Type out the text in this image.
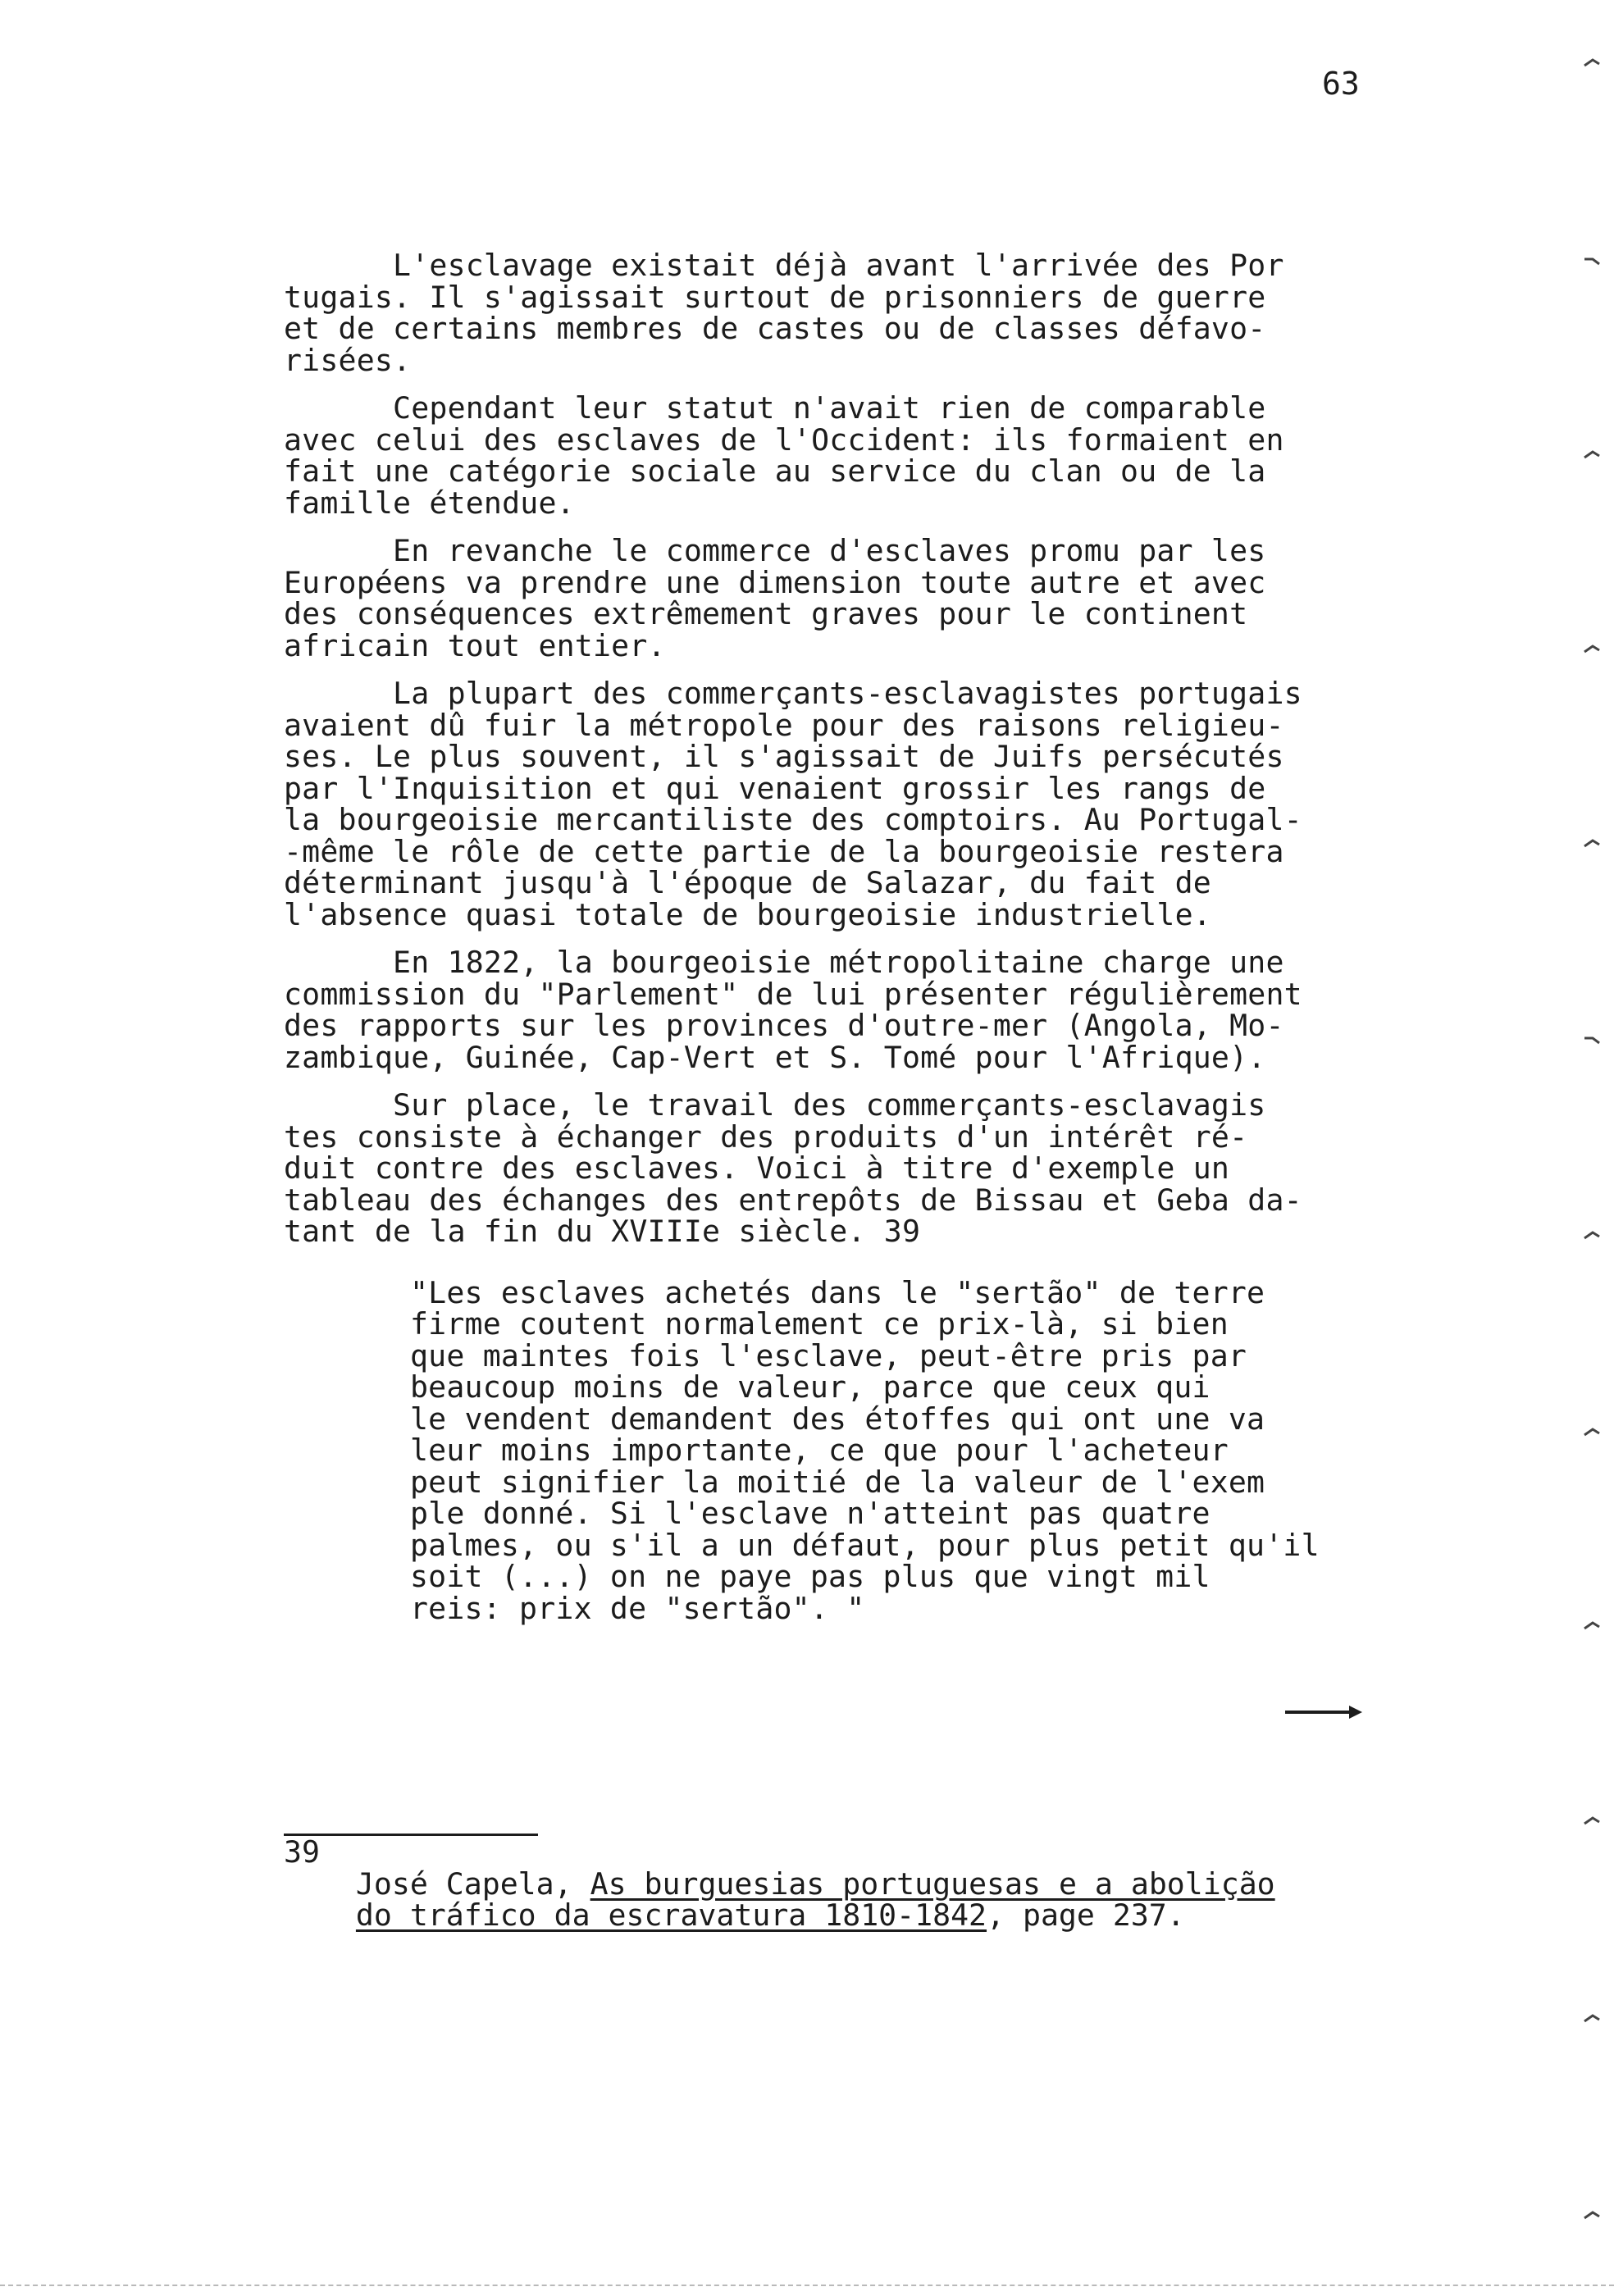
63

L'esclavage existait déjà avant l'arrivée des Por
tugais. Il s'agissait surtout de prisonniers de guerre
et de certains membres de castes ou de classes défavo-
risées.

Cependant leur statut n'avait rien de comparable
avec celui des esclaves de l'Occident: ils formaient en
fait une catégorie sociale au service du clan ou de la
famille étendue.

En revanche le commerce d'esclaves promu par les
Européens va prendre une dimension toute autre et avec
des conséquences extrêmement graves pour le continent
africain tout entier.

La plupart des commerçants-esclavagistes portugais
avaient dû fuir la métropole pour des raisons religieu-
ses. Le plus souvent, il s'agissait de Juifs persécutés
par l'Inquisition et qui venaient grossir les rangs de
la bourgeoisie mercantiliste des comptoirs. Au Portugal-
-même le rôle de cette partie de la bourgeoisie restera
déterminant jusqu'à l'époque de Salazar, du fait de
l'absence quasi totale de bourgeoisie industrielle.

En 1822, la bourgeoisie métropolitaine charge une
commission du "Parlement" de lui présenter régulièrement
des rapports sur les provinces d'outre-mer (Angola, Mo-
zambique, Guinée, Cap-Vert et S. Tomé pour l'Afrique).

Sur place, le travail des commerçants-esclavagis
tes consiste à échanger des produits d'un intérêt ré-
duit contre des esclaves. Voici à titre d'exemple un
tableau des échanges des entrepôts de Bissau et Geba da-
tant de la fin du XVIIIe siècle. 39

"Les esclaves achetés dans le "sertão" de terre
firme coutent normalement ce prix-là, si bien
que maintes fois l'esclave, peut-être pris par
beaucoup moins de valeur, parce que ceux qui
le vendent demandent des étoffes qui ont une va
leur moins importante, ce que pour l'acheteur
peut signifier la moitié de la valeur de l'exem
ple donné. Si l'esclave n'atteint pas quatre
palmes, ou s'il a un défaut, pour plus petit qu'il
soit (...) on ne paye pas plus que vingt mil
reis: prix de "sertão". "

39
José Capela, As burguesias portuguesas e a abolição
do tráfico da escravatura 1810-1842, page 237.
